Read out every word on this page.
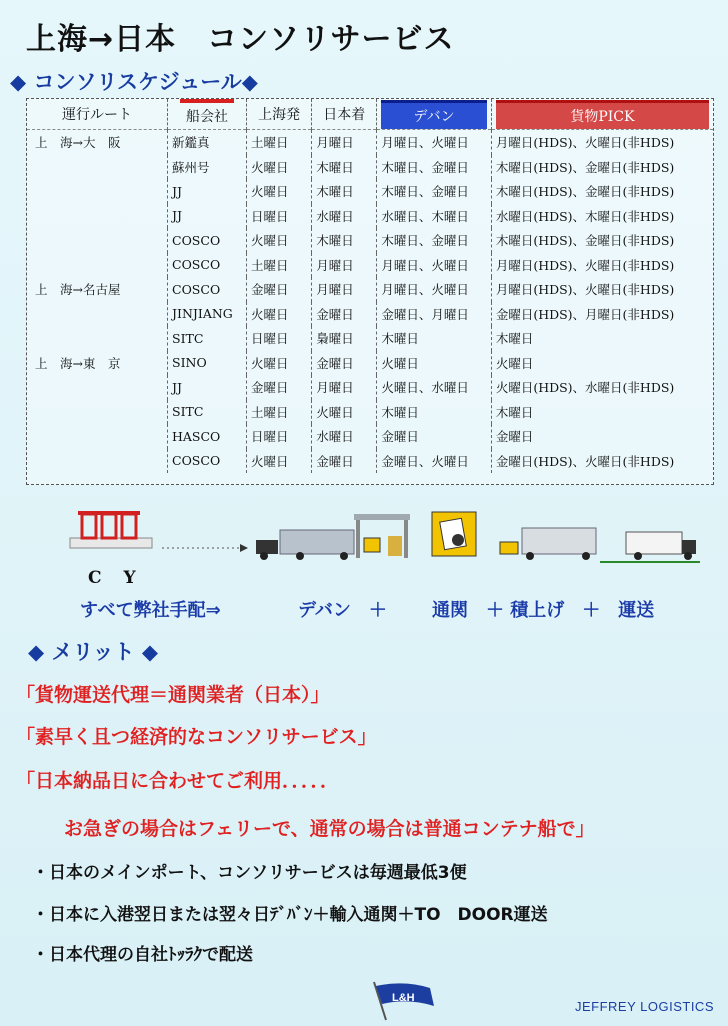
上海→日本　コンソリサービス
◆ コンソリスケジュール◆
運行ルート	船会社	上海発	日本着	デバン	貨物PICK

上　海→大　阪	新鑑真	土曜日	月曜日	月曜日、火曜日	月曜日(HDS)、火曜日(非HDS)
	蘇州号	火曜日	木曜日	木曜日、金曜日	木曜日(HDS)、金曜日(非HDS)
	JJ	火曜日	木曜日	木曜日、金曜日	木曜日(HDS)、金曜日(非HDS)
	JJ	日曜日	水曜日	水曜日、木曜日	水曜日(HDS)、木曜日(非HDS)
	COSCO	火曜日	木曜日	木曜日、金曜日	木曜日(HDS)、金曜日(非HDS)
	COSCO	土曜日	月曜日	月曜日、火曜日	月曜日(HDS)、火曜日(非HDS)
上　海→名古屋	COSCO	金曜日	月曜日	月曜日、火曜日	月曜日(HDS)、火曜日(非HDS)
	JINJIANG	火曜日	金曜日	金曜日、月曜日	金曜日(HDS)、月曜日(非HDS)
	SITC	日曜日	梟曜日	木曜日	木曜日
上　海→東　京	SINO	火曜日	金曜日	火曜日	火曜日
	JJ	金曜日	月曜日	火曜日、水曜日	火曜日(HDS)、水曜日(非HDS)
	SITC	土曜日	火曜日	木曜日	木曜日
	HASCO	日曜日	水曜日	金曜日	金曜日
	COSCO	火曜日	金曜日	金曜日、火曜日	金曜日(HDS)、火曜日(非HDS)
C Y
すべて弊社手配⇒	デバン　＋	通関　＋ 積上げ　＋　運送
◆ メリット ◆
「貨物運送代理＝通関業者（日本）」
「素早く且つ経済的なコンソリサービス」
「日本納品日に合わせてご利用．．．．．
お急ぎの場合はフェリーで、通常の場合は普通コンテナ船で」
・日本のメインポート、コンソリサービスは毎週最低3便
・日本に入港翌日または翌々日ﾃﾞﾊﾞﾝ＋輸入通関＋TO　DOOR運送
・日本代理の自社ﾄｯﾗｸで配送
L&H
JEFFREY LOGISTICS
